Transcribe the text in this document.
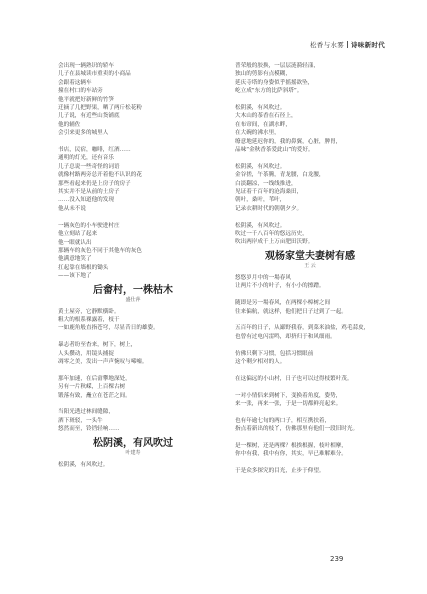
松香与水雾 诗味新时代
会出现一辆熟识的轿车
儿子在县城读市重卖的小商品
会跟着这辆车
撞在村口的车站旁
他平就把好新鲜的竹笋
迁摘了几把野果，晒了两斤松花粉
儿子说，有近些山货铺底
他的辅佐
会引来更多的城里人
书店，民宿，咖啡，红酒……
通明的灯光，还有音乐
儿子总说一些奇怪的词语
就像村路两旁总开着他不认识的花
那些看起来仍是上房子的房子
其实并不是从前的土房子
……没入知道他的发现
他从未不说
一辆灰色的小车驶进村庄
他立刻站了起来
他一眼就认出
那辆车的灰色不同于其他车的灰色
他满意地笑了
扛起靠在墙根的锄头
——该下地了
后畲村，一株枯木
盛仕萍
黄土屋旁，它静默横卧。
粗大的根系裸露着，枝干
一如鹿角般直指苍穹，尽显昔日的雄姿。
暴志者纷至杳来，树下，树上，
人头攒动，用镜头捕捉
凋零之美，发出一声声惋叹与唏嘘。
那年加速，在后畲攀地深处，
另有一片秋嵘，上百棵古树
锻落有致，矗立在苍茫之间。
当阳光透过林间缝隙，
洒下斑驳，一头牛
悠然而至，铃铛轻响……
松阴溪，有风吹过
叶建寿
松阴溪，有风吹过。
普荣般的胶换，一层层涟漪轻漾，
独山的剪影有点模糊，
延庆寺塔的身姿似乎摇摇欲坠，
屹立成“东方的比萨斜塔”。
松阴溪，有风吹过。
大木山的茶香在石径上，
在布帘间，在湖水畔，
在大碗的沸水里，
缭意地延迟你的，我的鼻翼，心脏，脾胃，
品味“金秋香茶爱此山”的爱好。
松阴溪，有风吹过。
金谷搓，午茶腾，青龙腰，白龙腰，
白淡翻凉，一线线推进，
见证着千百年的沧海桑田，
朝叶，桑叶，苇叶，
记录衣耕时代的朝朝夕夕。
松阴溪，有风吹过。
吹过一千八百年的悠远历史，
吹出两岸成千上万亩肥田沃野。
观杨家堂夫妻树有感
王 云
悠悠岁月中的一場春风
让两片不小的叶子，有小小的擦蹭。
随即是另一場春风，在两棵小樟树之间
往来偏航，就这样，他们把日子过到了一起。
五百年的日子，从鄙野我春，到菜米油盐，鸡毛蒜皮，
也曾有过电闪雷鸣，却挤归于和风细雨。
仿佛只剩下习惯，包括习惯眼前
这个剩夕相对的人。
在这偏远的小山村，日子也可以过得枝繁叶茂。
一对小情侣来到树下，变换着角度，姿势，
来一张，再来一张，于是一切都鲜亮起来。
也有年逾七旬的两口子，相互携扶着，
指点着新出的枝丫，仿佛那里有他们一段旧时光。
是一棵树，还是两棵？根挨根握，枝叶相摩，
你中有我，我中有你，其实，早已难解难分。
于是众多探究的目光，止步于仰望。
239
